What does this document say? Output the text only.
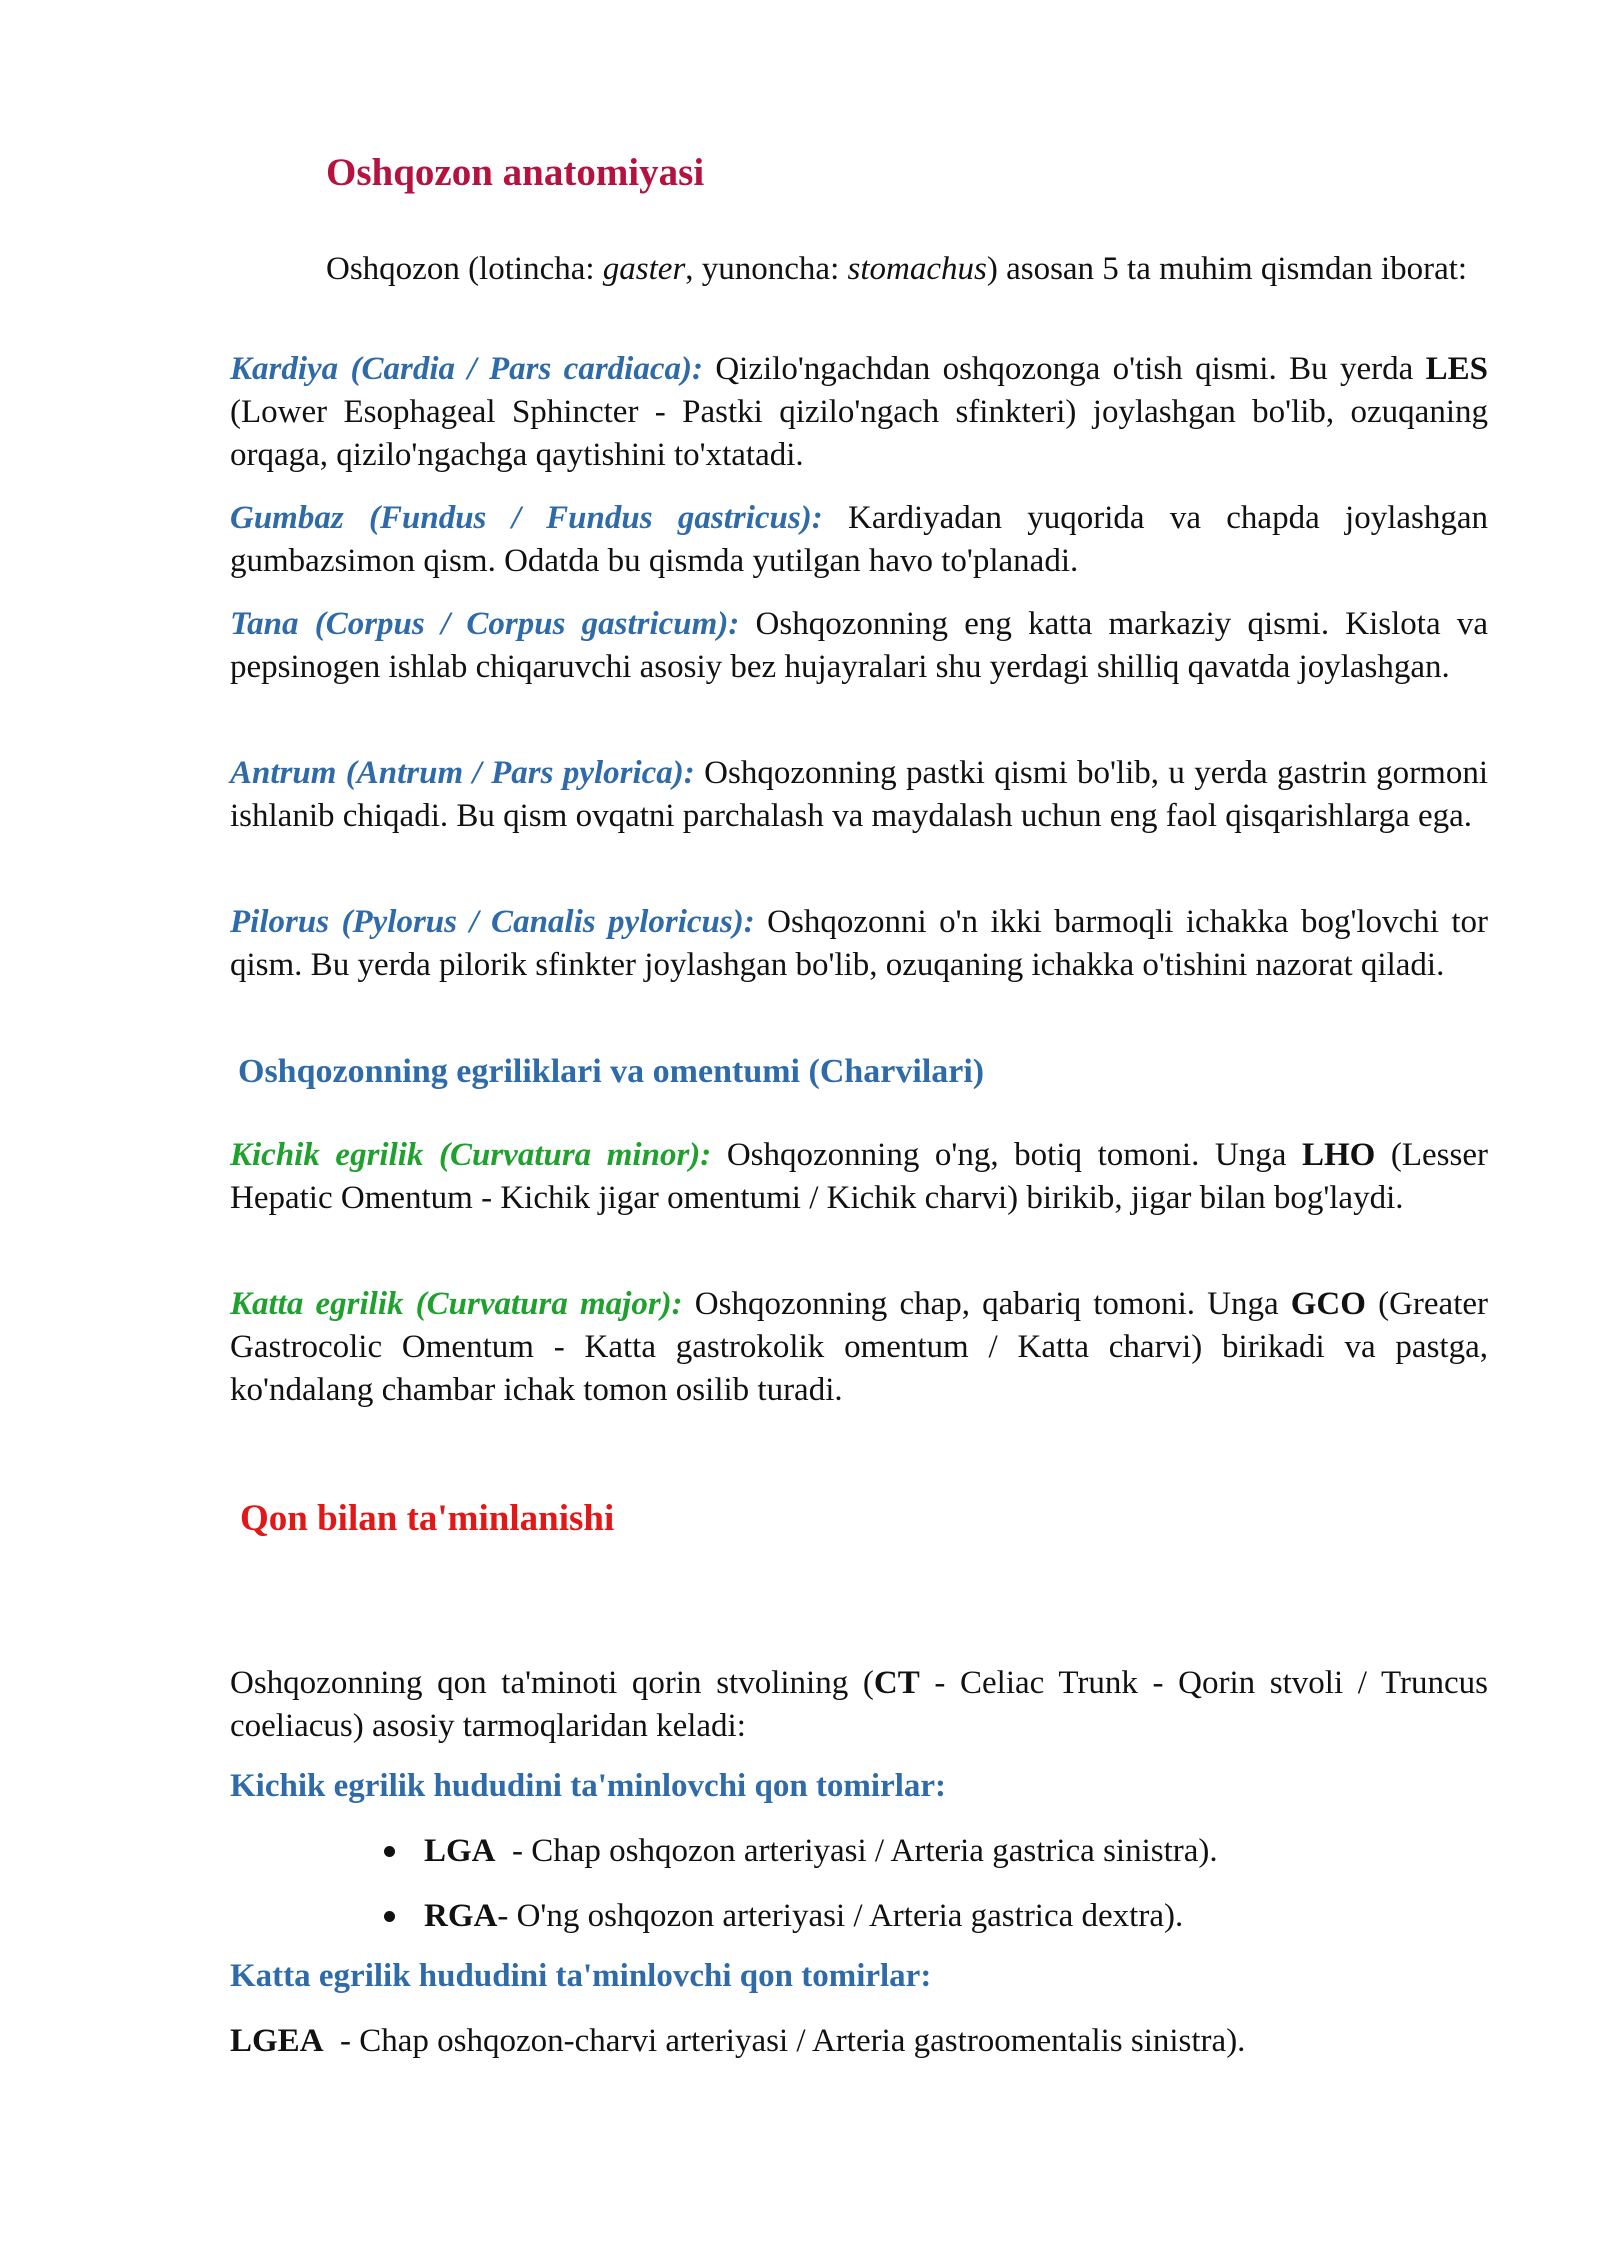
Oshqozon anatomiyasi

Oshqozon (lotincha: gaster, yunoncha: stomachus) asosan 5 ta muhim qismdan iborat:

Kardiya (Cardia / Pars cardiaca): Qizilo'ngachdan oshqozonga o'tish qismi. Bu yerda LES (Lower Esophageal Sphincter - Pastki qizilo'ngach sfinkteri) joylashgan bo'lib, ozuqaning orqaga, qizilo'ngachga qaytishini to'xtatadi.

Gumbaz (Fundus / Fundus gastricus): Kardiyadan yuqorida va chapda joylashgan gumbazsimon qism. Odatda bu qismda yutilgan havo to'planadi.

Tana (Corpus / Corpus gastricum): Oshqozonning eng katta markaziy qismi. Kislota va pepsinogen ishlab chiqaruvchi asosiy bez hujayralari shu yerdagi shilliq qavatda joylashgan.

Antrum (Antrum / Pars pylorica): Oshqozonning pastki qismi bo'lib, u yerda gastrin gormoni ishlanib chiqadi. Bu qism ovqatni parchalash va maydalash uchun eng faol qisqarishlarga ega.

Pilorus (Pylorus / Canalis pyloricus): Oshqozonni o'n ikki barmoqli ichakka bog'lovchi tor qism. Bu yerda pilorik sfinkter joylashgan bo'lib, ozuqaning ichakka o'tishini nazorat qiladi.

Oshqozonning egriliklari va omentumi (Charvilari)

Kichik egrilik (Curvatura minor): Oshqozonning o'ng, botiq tomoni. Unga LHO (Lesser Hepatic Omentum - Kichik jigar omentumi / Kichik charvi) birikib, jigar bilan bog'laydi.

Katta egrilik (Curvatura major): Oshqozonning chap, qabariq tomoni. Unga GCO (Greater Gastrocolic Omentum - Katta gastrokolik omentum / Katta charvi) birikadi va pastga, ko'ndalang chambar ichak tomon osilib turadi.

Qon bilan ta'minlanishi

Oshqozonning qon ta'minoti qorin stvolining (CT - Celiac Trunk - Qorin stvoli / Truncus coeliacus) asosiy tarmoqlaridan keladi:

Kichik egrilik hududini ta'minlovchi qon tomirlar:
LGA  - Chap oshqozon arteriyasi / Arteria gastrica sinistra).
RGA- O'ng oshqozon arteriyasi / Arteria gastrica dextra).
Katta egrilik hududini ta'minlovchi qon tomirlar:

LGEA  - Chap oshqozon-charvi arteriyasi / Arteria gastroomentalis sinistra).
